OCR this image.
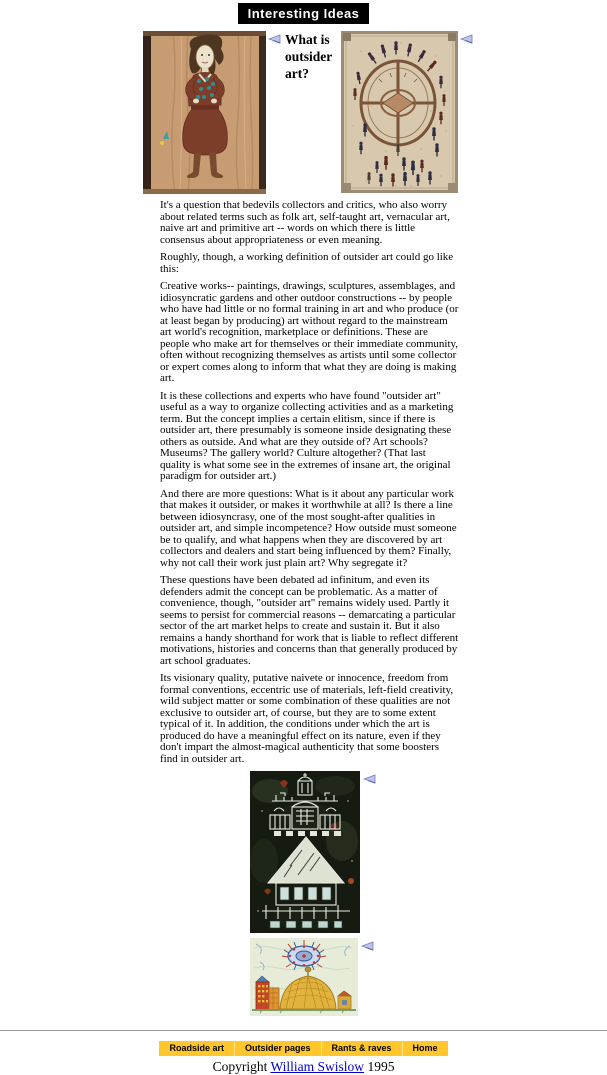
Interesting Ideas
What is outsider art?

It's a question that bedevils collectors and critics, who also worry about related terms such as folk art, self-taught art, vernacular art, naive art and primitive art -- words on which there is little consensus about appropriateness or even meaning.

Roughly, though, a working definition of outsider art could go like this:

Creative works-- paintings, drawings, sculptures, assemblages, and idiosyncratic gardens and other outdoor constructions -- by people who have had little or no formal training in art and who produce (or at least began by producing) art without regard to the mainstream art world's recognition, marketplace or definitions. These are people who make art for themselves or their immediate community, often without recognizing themselves as artists until some collector or expert comes along to inform that what they are doing is making art.

It is these collections and experts who have found "outsider art" useful as a way to organize collecting activities and as a marketing term. But the concept implies a certain elitism, since if there is outsider art, there presumably is someone inside designating these others as outside. And what are they outside of? Art schools? Museums? The gallery world? Culture altogether? (That last quality is what some see in the extremes of insane art, the original paradigm for outsider art.)

And there are more questions: What is it about any particular work that makes it outsider, or makes it worthwhile at all? Is there a line between idiosyncrasy, one of the most sought-after qualities in outsider art, and simple incompetence? How outside must someone be to qualify, and what happens when they are discovered by art collectors and dealers and start being influenced by them? Finally, why not call their work just plain art? Why segregate it?

These questions have been debated ad infinitum, and even its defenders admit the concept can be problematic. As a matter of convenience, though, "outsider art" remains widely used. Partly it seems to persist for commercial reasons -- demarcating a particular sector of the art market helps to create and sustain it. But it also remains a handy shorthand for work that is liable to reflect different motivations, histories and concerns than that generally produced by art school graduates.

Its visionary quality, putative naivete or innocence, freedom from formal conventions, eccentric use of materials, left-field creativity, wild subject matter or some combination of these qualities are not exclusive to outsider art, of course, but they are to some extent typical of it. In addition, the conditions under which the art is produced do have a meaningful effect on its nature, even if they don't impart the almost-magical authenticity that some boosters find in outsider art.

Roadside art	Outsider pages	Rants & raves	Home
Copyright William Swislow 1995
